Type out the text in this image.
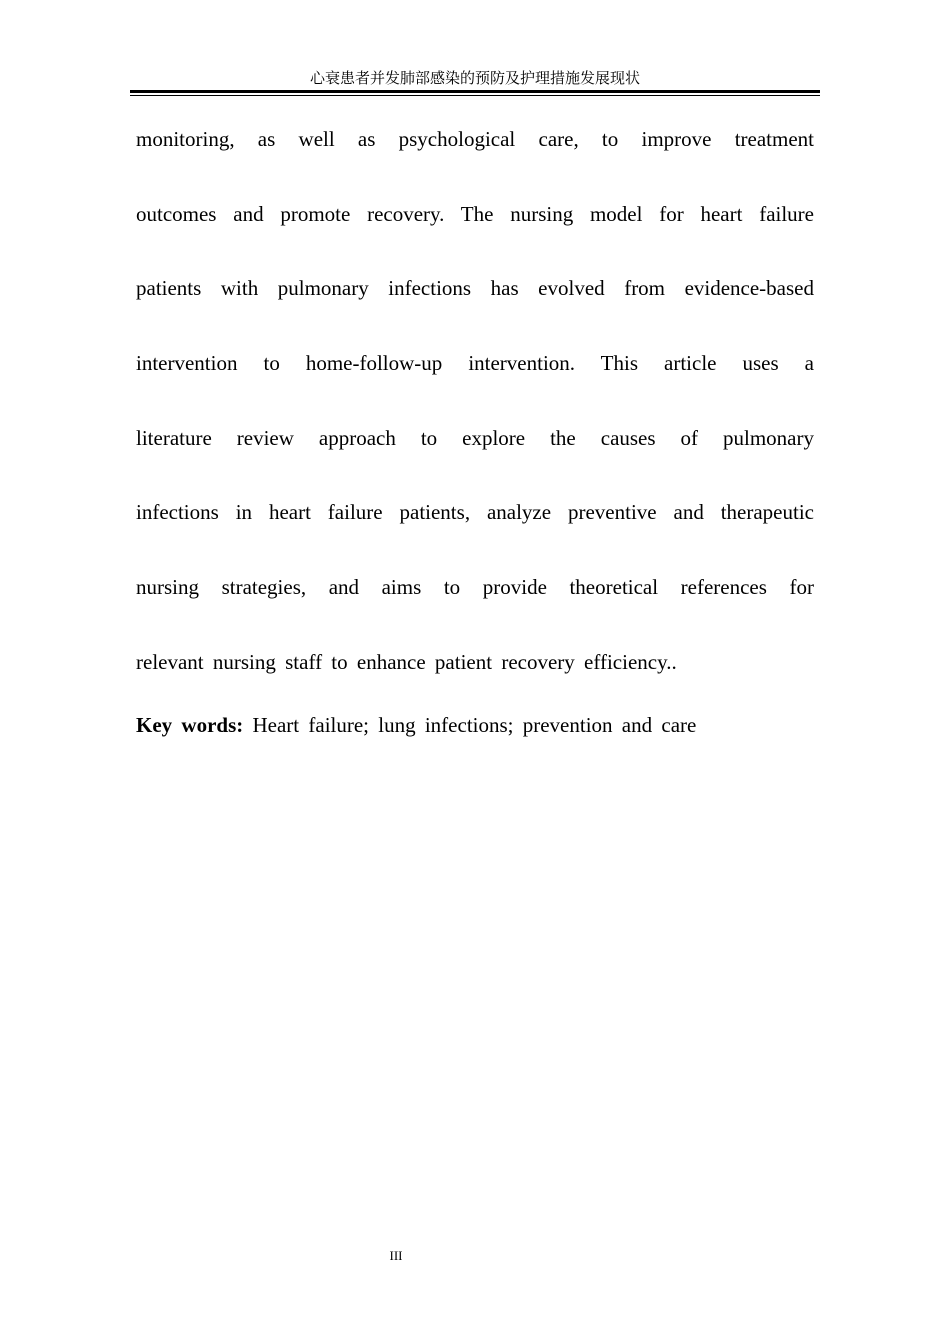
心衰患者并发肺部感染的预防及护理措施发展现状
monitoring, as well as psychological care, to improve treatment
outcomes and promote recovery. The nursing model for heart failure
patients with pulmonary infections has evolved from evidence-based
intervention to home-follow-up intervention. This article uses a
literature review approach to explore the causes of pulmonary
infections in heart failure patients, analyze preventive and therapeutic
nursing strategies, and aims to provide theoretical references for
relevant nursing staff to enhance patient recovery efficiency..
Key words: Heart failure; lung infections; prevention and care
III
